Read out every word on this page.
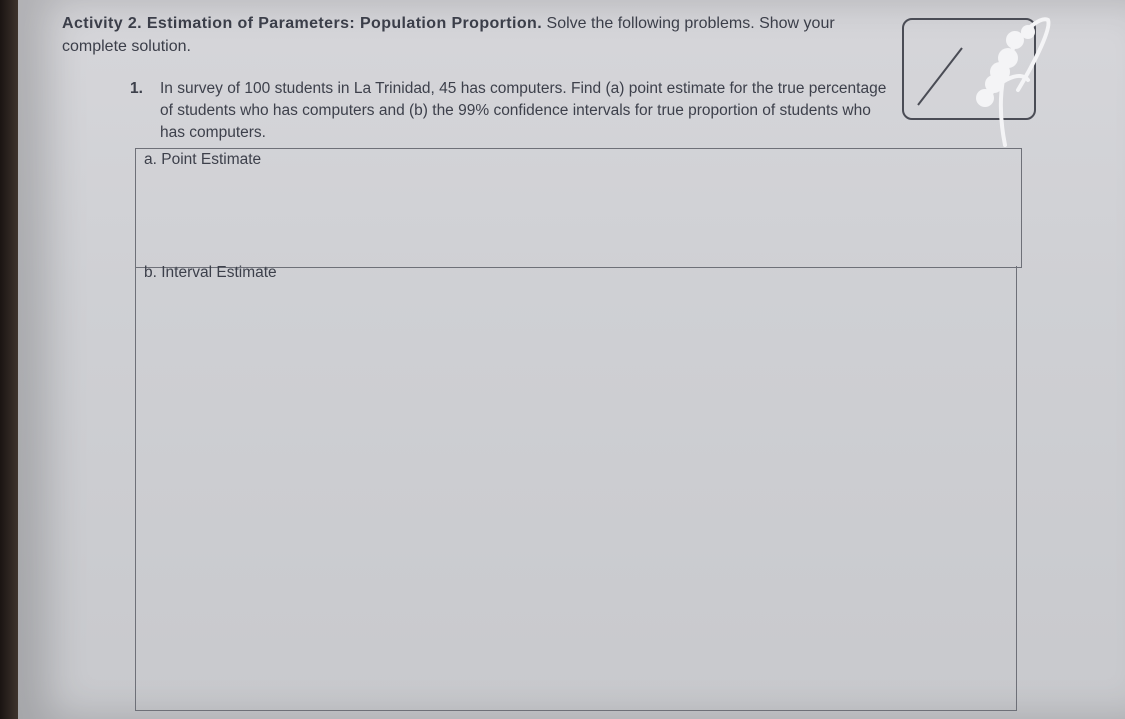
Activity 2. Estimation of Parameters: Population Proportion. Solve the following problems. Show your complete solution.
1. In survey of 100 students in La Trinidad, 45 has computers. Find (a) point estimate for the true percentage of students who has computers and (b) the 99% confidence intervals for true proportion of students who has computers.
a. Point Estimate
b. Interval Estimate
